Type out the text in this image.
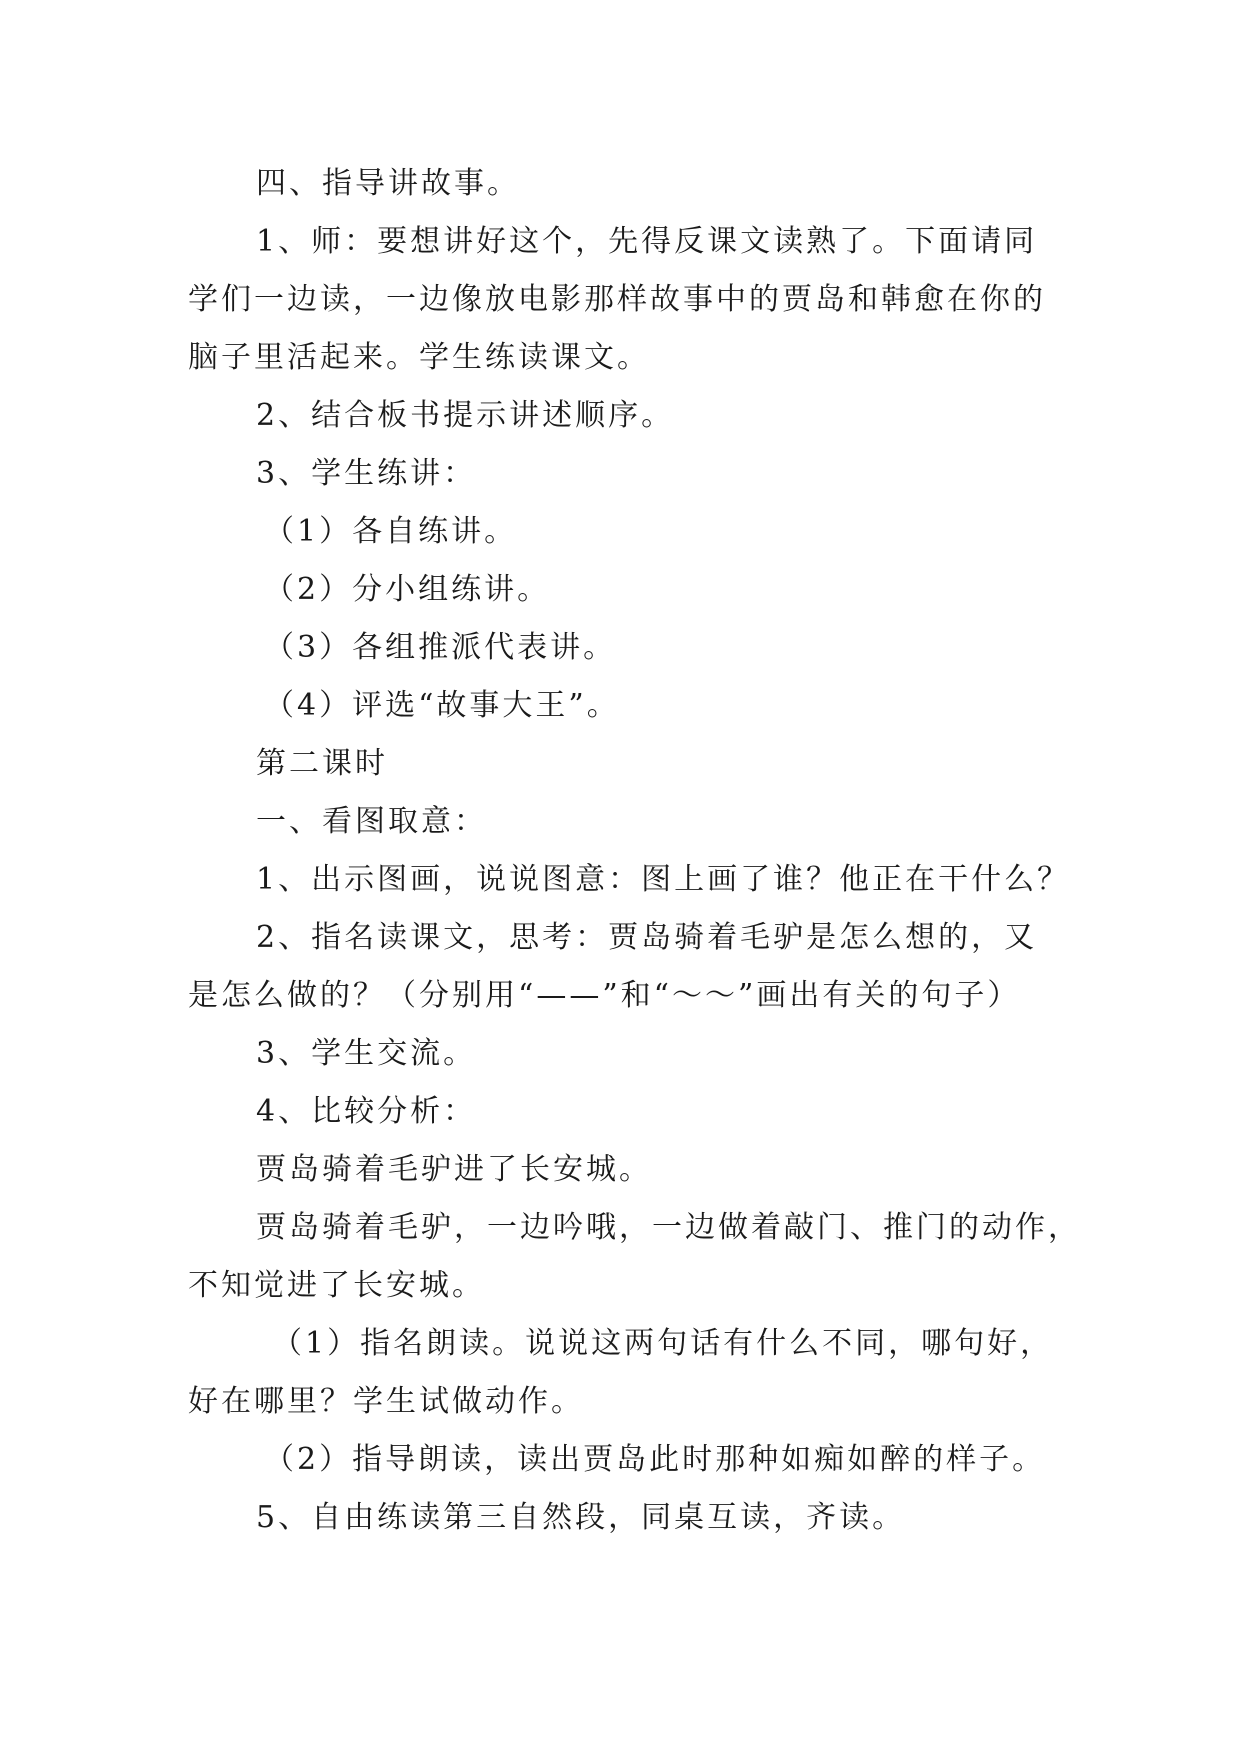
四、指导讲故事。

1、师：要想讲好这个，先得反课文读熟了。下面请同

学们一边读，一边像放电影那样故事中的贾岛和韩愈在你的

脑子里活起来。学生练读课文。

2、结合板书提示讲述顺序。

3、学生练讲：

（1）各自练讲。

（2）分小组练讲。

（3）各组推派代表讲。

（4）评选“故事大王”。

第二课时

一、看图取意：

1、出示图画，说说图意：图上画了谁？他正在干什么？

2、指名读课文，思考：贾岛骑着毛驴是怎么想的，又

是怎么做的？（分别用“——”和“～～”画出有关的句子）

3、学生交流。

4、比较分析：

贾岛骑着毛驴进了长安城。

贾岛骑着毛驴，一边吟哦，一边做着敲门、推门的动作，

不知觉进了长安城。

（1）指名朗读。说说这两句话有什么不同，哪句好，

好在哪里？学生试做动作。

（2）指导朗读，读出贾岛此时那种如痴如醉的样子。

5、自由练读第三自然段，同桌互读，齐读。
